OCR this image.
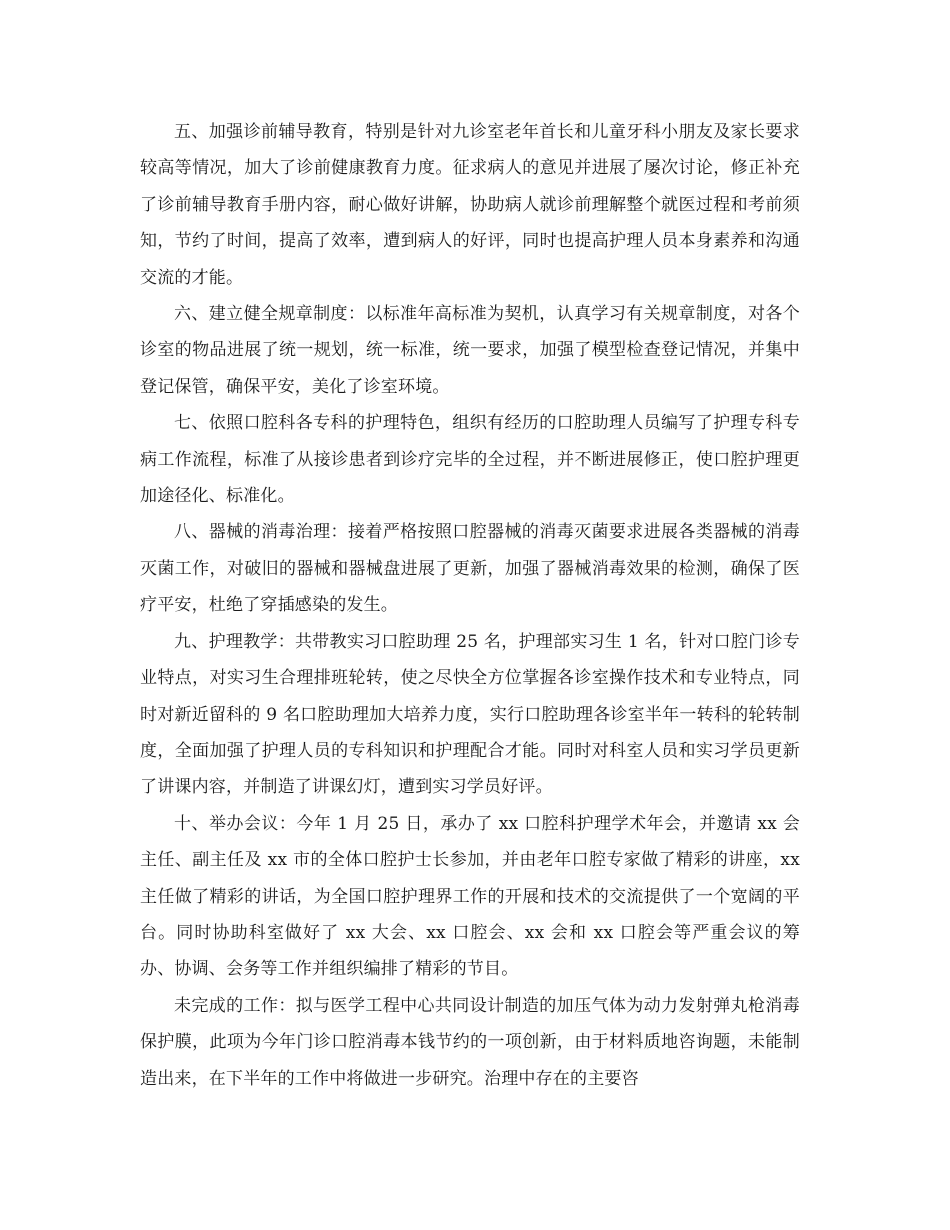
五、加强诊前辅导教育，特别是针对九诊室老年首长和儿童牙科小朋友及家长要求较高等情况，加大了诊前健康教育力度。征求病人的意见并进展了屡次讨论，修正补充了诊前辅导教育手册内容，耐心做好讲解，协助病人就诊前理解整个就医过程和考前须知，节约了时间，提高了效率，遭到病人的好评，同时也提高护理人员本身素养和沟通交流的才能。

六、建立健全规章制度：以标准年高标准为契机，认真学习有关规章制度，对各个诊室的物品进展了统一规划，统一标准，统一要求，加强了模型检查登记情况，并集中登记保管，确保平安，美化了诊室环境。

七、依照口腔科各专科的护理特色，组织有经历的口腔助理人员编写了护理专科专病工作流程，标准了从接诊患者到诊疗完毕的全过程，并不断进展修正，使口腔护理更加途径化、标准化。

八、器械的消毒治理：接着严格按照口腔器械的消毒灭菌要求进展各类器械的消毒灭菌工作，对破旧的器械和器械盘进展了更新，加强了器械消毒效果的检测，确保了医疗平安，杜绝了穿插感染的发生。

九、护理教学：共带教实习口腔助理 25 名，护理部实习生 1 名，针对口腔门诊专业特点，对实习生合理排班轮转，使之尽快全方位掌握各诊室操作技术和专业特点，同时对新近留科的 9 名口腔助理加大培养力度，实行口腔助理各诊室半年一转科的轮转制度，全面加强了护理人员的专科知识和护理配合才能。同时对科室人员和实习学员更新了讲课内容，并制造了讲课幻灯，遭到实习学员好评。

十、举办会议：今年 1 月 25 日，承办了 xx 口腔科护理学术年会，并邀请 xx 会主任、副主任及 xx 市的全体口腔护士长参加，并由老年口腔专家做了精彩的讲座，xx 主任做了精彩的讲话，为全国口腔护理界工作的开展和技术的交流提供了一个宽阔的平台。同时协助科室做好了 xx 大会、xx 口腔会、xx 会和 xx 口腔会等严重会议的筹办、协调、会务等工作并组织编排了精彩的节目。

未完成的工作：拟与医学工程中心共同设计制造的加压气体为动力发射弹丸枪消毒保护膜，此项为今年门诊口腔消毒本钱节约的一项创新，由于材料质地咨询题，未能制造出来，在下半年的工作中将做进一步研究。治理中存在的主要咨
